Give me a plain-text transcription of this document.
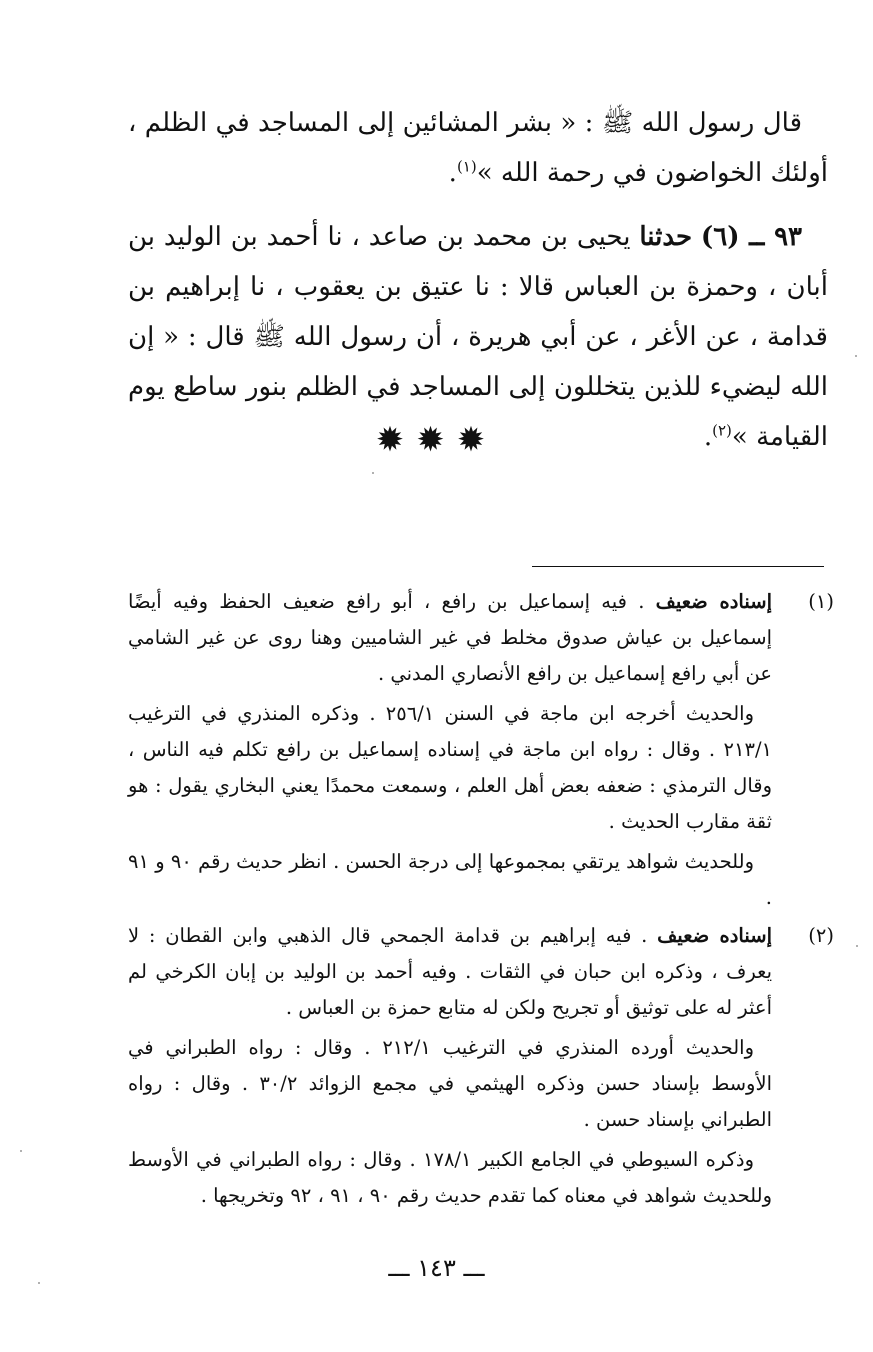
قال رسول الله ﷺ : « بشر المشائين إلى المساجد في الظلم ، أولئك الخواضون في رحمة الله »$^{(١)}$.

٩٣ ــ (٦) حدثنا يحيى بن محمد بن صاعد ، نا أحمد بن الوليد بن أبان ، وحمزة بن العباس قالا : نا عتيق بن يعقوب ، نا إبراهيم بن قدامة ، عن الأغر ، عن أبي هريرة ، أن رسول الله ﷺ قال : « إن الله ليضيء للذين يتخللون إلى المساجد في الظلم بنور ساطع يوم القيامة »$^{(٢)}$.

✹✹✹
(١)

إسناده ضعيف . فيه إسماعيل بن رافع ، أبو رافع ضعيف الحفظ وفيه أيضًا إسماعيل بن عياش صدوق مخلط في غير الشاميين وهنا روى عن غير الشامي عن أبي رافع إسماعيل بن رافع الأنصاري المدني .

والحديث أخرجه ابن ماجة في السنن ٢٥٦/١ . وذكره المنذري في الترغيب ٢١٣/١ . وقال : رواه ابن ماجة في إسناده إسماعيل بن رافع تكلم فيه الناس ، وقال الترمذي : ضعفه بعض أهل العلم ، وسمعت محمدًا يعني البخاري يقول : هو ثقة مقارب الحديث .

وللحديث شواهد يرتقي بمجموعها إلى درجة الحسن . انظر حديث رقم ٩٠ و ٩١ .

(٢)

إسناده ضعيف . فيه إبراهيم بن قدامة الجمحي قال الذهبي وابن القطان : لا يعرف ، وذكره ابن حبان في الثقات . وفيه أحمد بن الوليد بن إبان الكرخي لم أعثر له على توثيق أو تجريح ولكن له متابع حمزة بن العباس .

والحديث أورده المنذري في الترغيب ٢١٢/١ . وقال : رواه الطبراني في الأوسط بإسناد حسن وذكره الهيثمي في مجمع الزوائد ٣٠/٢ . وقال : رواه الطبراني بإسناد حسن .

وذكره السيوطي في الجامع الكبير ١٧٨/١ . وقال : رواه الطبراني في الأوسط وللحديث شواهد في معناه كما تقدم حديث رقم ٩٠ ، ٩١ ، ٩٢ وتخريجها .

ـــ ١٤٣ ـــ
